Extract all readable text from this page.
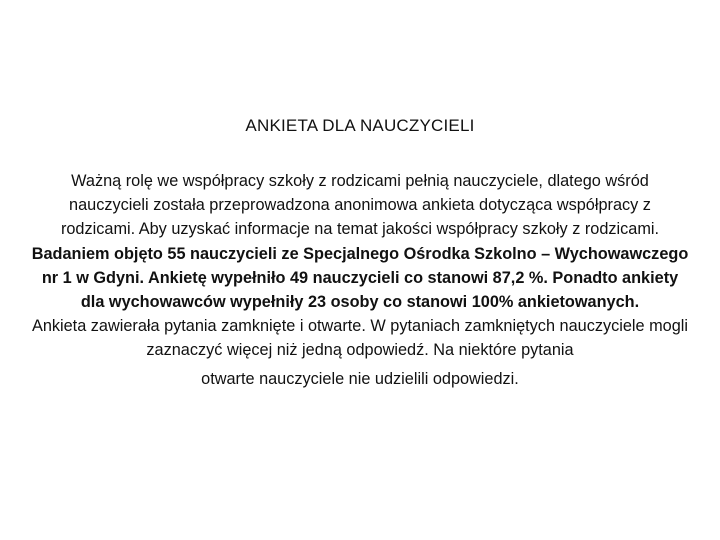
ANKIETA DLA NAUCZYCIELI

Ważną rolę we współpracy szkoły z rodzicami pełnią nauczyciele, dlatego wśród nauczycieli została przeprowadzona anonimowa ankieta dotycząca współpracy z rodzicami. Aby uzyskać informacje na temat jakości współpracy szkoły z rodzicami. Badaniem objęto 55 nauczycieli ze Specjalnego Ośrodka Szkolno – Wychowawczego nr 1 w Gdyni. Ankietę wypełniło 49 nauczycieli co stanowi 87,2 %. Ponadto ankiety dla wychowawców wypełniły 23 osoby co stanowi 100% ankietowanych.

Ankieta zawierała pytania zamknięte i otwarte. W pytaniach zamkniętych nauczyciele mogli zaznaczyć więcej niż jedną odpowiedź. Na niektóre pytania otwarte nauczyciele nie udzielili odpowiedzi.
